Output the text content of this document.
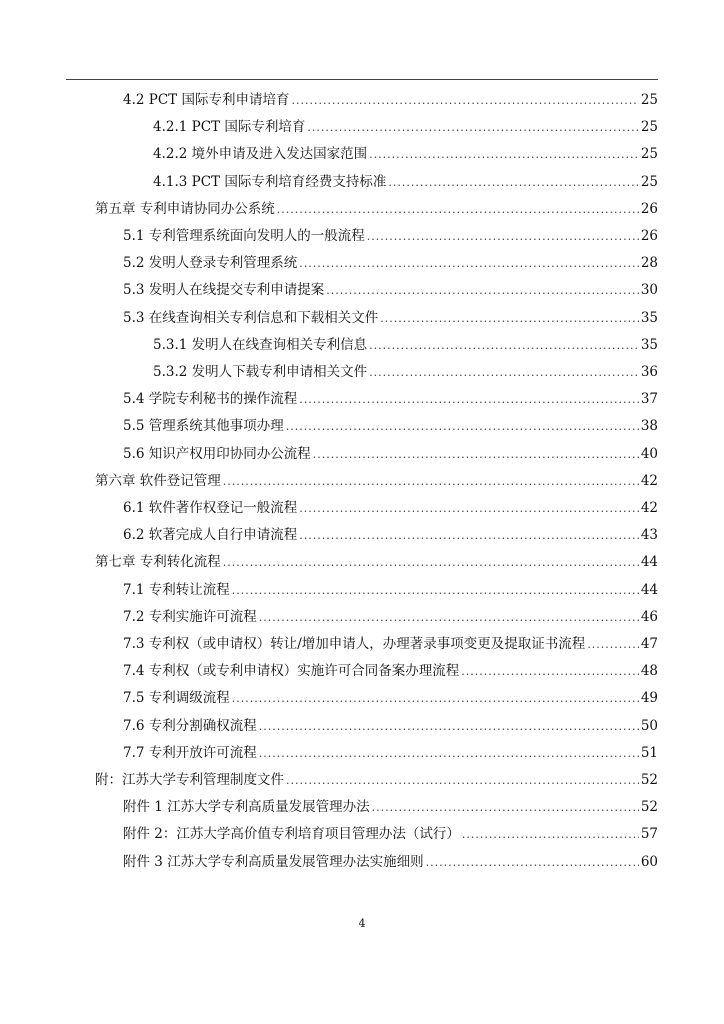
4.2 PCT 国际专利申请培育 .....	25
4.2.1 PCT 国际专利培育 .....	25
4.2.2 境外申请及进入发达国家范围 .....	25
4.1.3 PCT 国际专利培育经费支持标准 .....	25
第五章 专利申请协同办公系统 .....	26
5.1 专利管理系统面向发明人的一般流程 .....	26
5.2 发明人登录专利管理系统 .....	28
5.3 发明人在线提交专利申请提案 .....	30
5.3 在线查询相关专利信息和下载相关文件 .....	35
5.3.1 发明人在线查询相关专利信息 .....	35
5.3.2 发明人下载专利申请相关文件 .....	36
5.4 学院专利秘书的操作流程 .....	37
5.5 管理系统其他事项办理 .....	38
5.6 知识产权用印协同办公流程 .....	40
第六章 软件登记管理 .....	42
6.1 软件著作权登记一般流程 .....	42
6.2 软著完成人自行申请流程 .....	43
第七章 专利转化流程 .....	44
7.1 专利转让流程 .....	44
7.2 专利实施许可流程 .....	46
7.3 专利权（或申请权）转让/增加申请人，办理著录事项变更及提取证书流程 .....	47
7.4 专利权（或专利申请权）实施许可合同备案办理流程 .....	48
7.5 专利调级流程 .....	49
7.6 专利分割确权流程 .....	50
7.7 专利开放许可流程 .....	51
附：江苏大学专利管理制度文件 .....	52
附件 1 江苏大学专利高质量发展管理办法 .....	52
附件 2：江苏大学高价值专利培育项目管理办法（试行） .....	57
附件 3 江苏大学专利高质量发展管理办法实施细则 .....	60
4
